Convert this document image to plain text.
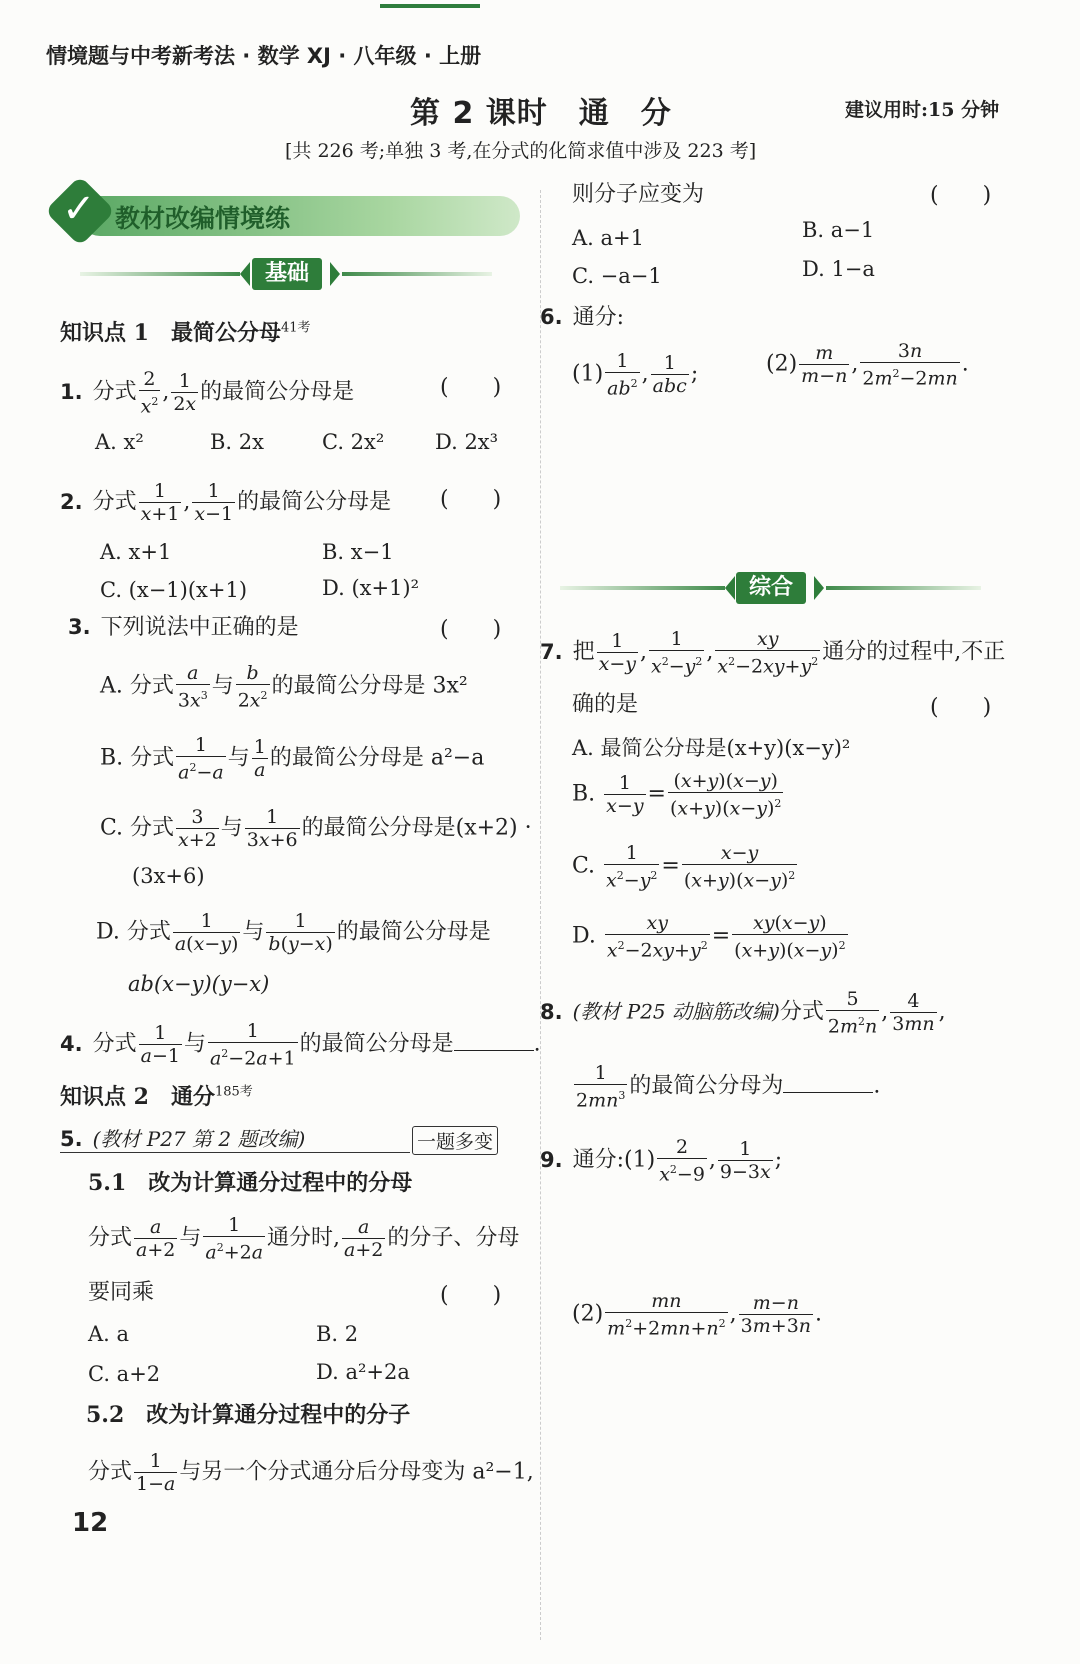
情境题与中考新考法 · 数学 XJ · 八年级 · 上册
第 2 课时　通　分	建议用时:15 分钟
[共 226 考;单独 3 考,在分式的化简求值中涉及 223 考]
✓ 教材改编情境练
基础
知识点 1　最简公分母$^{41考}$
1. 分式 $\frac{2}{x^2}$ , $\frac{1}{2x}$ 的最简公分母是	(　　)
A. x²	B. 2x	C. 2x² D. 2x³
2. 分式 $\frac{1}{x+1}$ , $\frac{1}{x-1}$ 的最简公分母是 (　　)
A. x+1	B. x−1
C. (x−1)(x+1)	D. (x+1)²
3. 下列说法中正确的是	(　　)
A. 分式 $\frac{a}{3x^3}$ 与 $\frac{b}{2x^2}$ 的最简公分母是 3x²
B. 分式 $\frac{1}{a^2-a}$ 与 $\frac{1}{a}$ 的最简公分母是 a²−a
C. 分式 $\frac{3}{x+2}$ 与 $\frac{1}{3x+6}$ 的最简公分母是(x+2) ·
(3x+6)
D. 分式 $\frac{1}{a(x-y)}$ 与 $\frac{1}{b(y-x)}$ 的最简公分母是
ab(x−y)(y−x)
4. 分式 $\frac{1}{a-1}$ 与 $\frac{1}{a^2-2a+1}$ 的最简公分母是	.
知识点 2　通分$^{185考}$
5. (教材 P27 第 2 题改编)	一题多变
5.1　改为计算通分过程中的分母
分式 $\frac{a}{a+2}$ 与 $\frac{1}{a^2+2a}$ 通分时, $\frac{a}{a+2}$ 的分子、分母
要同乘	(　　)
A. a	B. 2
C. a+2	D. a²+2a
5.2　改为计算通分过程中的分子
分式 $\frac{1}{1-a}$ 与另一个分式通分后分母变为 a²−1,
12
则分子应变为	(　　)
A. a+1	B. a−1
C. −a−1	D. 1−a
6. 通分:
$(1) \frac{1}{ab^2}$ , $\frac{1}{\text{abc}}$ ;	$(2) \frac{m}{m-n}$ , $\frac{3n}{2m^2-2mn}$ .
综合
7. 把 $\frac{1}{x-y}$ , $\frac{1}{x^2-y^2}$ , $\frac{xy}{x^2-2xy+y^2}$ 通分的过程中,不正
确的是	(　　)
A. 最简公分母是(x+y)(x−y)²
B. $\frac{1}{x-y} = \frac{(x+y)(x-y)}{(x+y)(x-y)^2}$
C. $\frac{1}{x^2-y^2} = \frac{x-y}{(x+y)(x-y)^2}$
D. $\frac{xy}{x^2-2xy+y^2} = \frac{xy(x-y)}{(x+y)(x-y)^2}$
8. (教材 P25 动脑筋改编)分式 $\frac{5}{2m^2n}$ , $\frac{4}{3mn}$ ,
$\frac{1}{2mn^3}$ 的最简公分母为	.
9. 通分:(1) $\frac{2}{x^2-9}$ , $\frac{1}{9-3x}$ ;
$(2) \frac{mn}{m^2+2mn+n^2}$ , $\frac{m-n}{3m+3n}$ .
